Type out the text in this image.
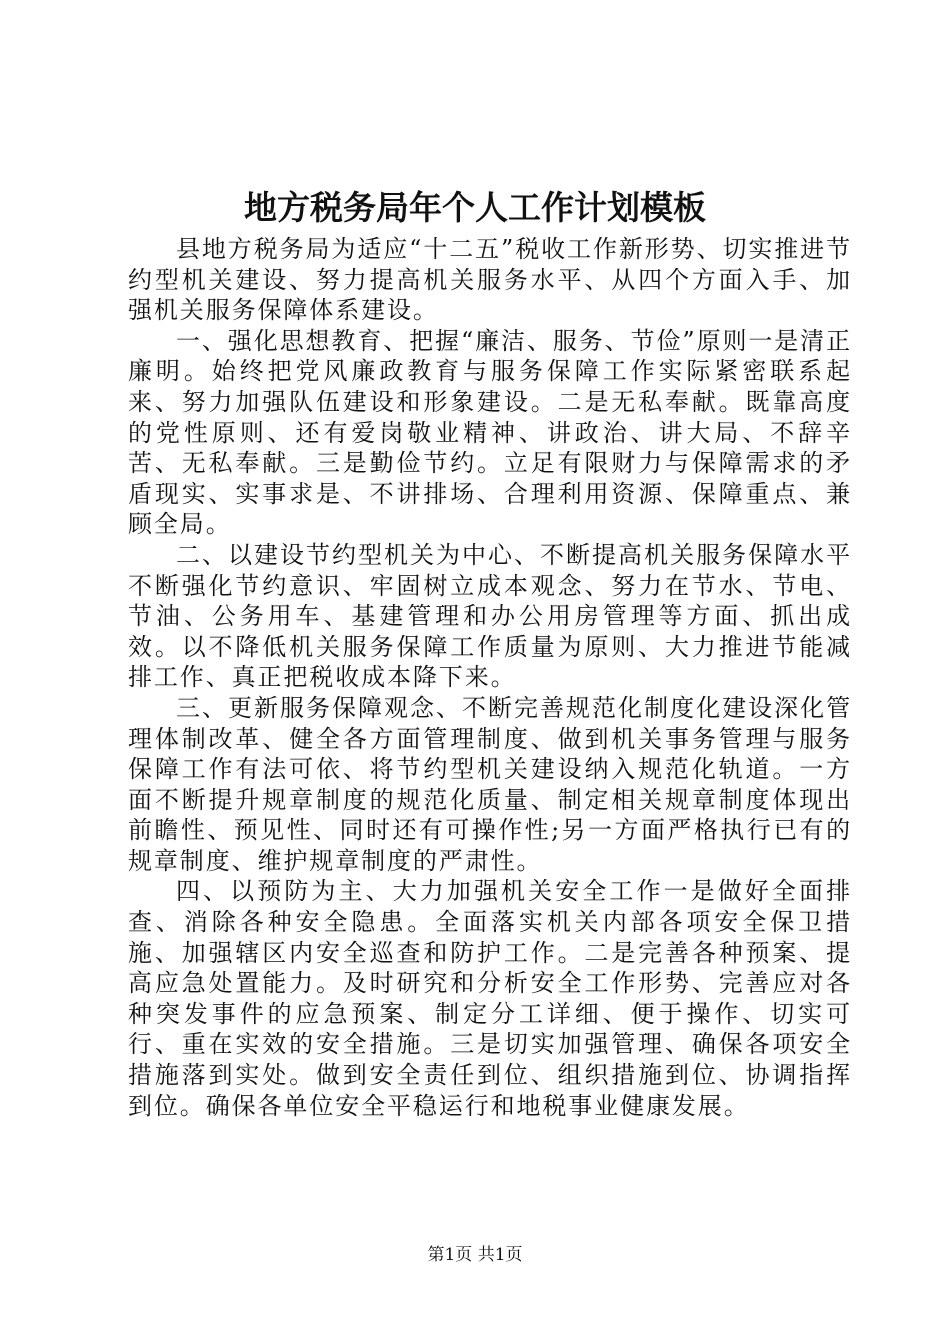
地方税务局年个人工作计划模板

县地方税务局为适应“十二五”税收工作新形势、切实推进节约型机关建设、努力提高机关服务水平、从四个方面入手、加强机关服务保障体系建设。

一、强化思想教育、把握“廉洁、服务、节俭”原则一是清正廉明。始终把党风廉政教育与服务保障工作实际紧密联系起来、努力加强队伍建设和形象建设。二是无私奉献。既靠高度的党性原则、还有爱岗敬业精神、讲政治、讲大局、不辞辛苦、无私奉献。三是勤俭节约。立足有限财力与保障需求的矛盾现实、实事求是、不讲排场、合理利用资源、保障重点、兼顾全局。

二、以建设节约型机关为中心、不断提高机关服务保障水平不断强化节约意识、牢固树立成本观念、努力在节水、节电、节油、公务用车、基建管理和办公用房管理等方面、抓出成效。以不降低机关服务保障工作质量为原则、大力推进节能减排工作、真正把税收成本降下来。

三、更新服务保障观念、不断完善规范化制度化建设深化管理体制改革、健全各方面管理制度、做到机关事务管理与服务保障工作有法可依、将节约型机关建设纳入规范化轨道。一方面不断提升规章制度的规范化质量、制定相关规章制度体现出前瞻性、预见性、同时还有可操作性;另一方面严格执行已有的规章制度、维护规章制度的严肃性。

四、以预防为主、大力加强机关安全工作一是做好全面排查、消除各种安全隐患。全面落实机关内部各项安全保卫措施、加强辖区内安全巡查和防护工作。二是完善各种预案、提高应急处置能力。及时研究和分析安全工作形势、完善应对各种突发事件的应急预案、制定分工详细、便于操作、切实可行、重在实效的安全措施。三是切实加强管理、确保各项安全措施落到实处。做到安全责任到位、组织措施到位、协调指挥到位。确保各单位安全平稳运行和地税事业健康发展。

第1页 共1页
